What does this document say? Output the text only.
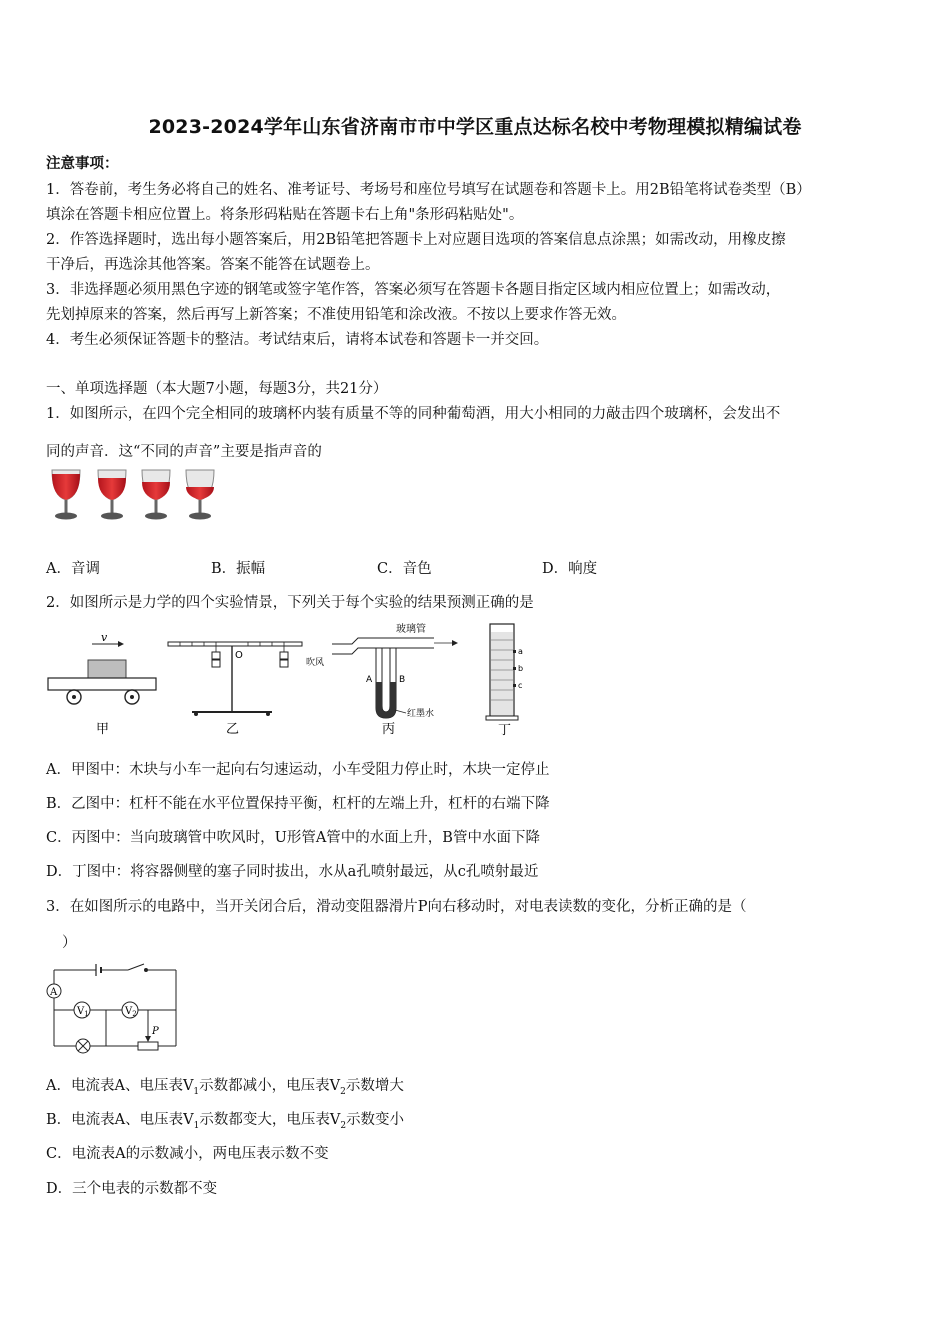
2023-2024学年山东省济南市市中学区重点达标名校中考物理模拟精编试卷
注意事项：
1．答卷前，考生务必将自己的姓名、准考证号、考场号和座位号填写在试题卷和答题卡上。用2B铅笔将试卷类型（B）
填涂在答题卡相应位置上。将条形码粘贴在答题卡右上角"条形码粘贴处"。
2．作答选择题时，选出每小题答案后，用2B铅笔把答题卡上对应题目选项的答案信息点涂黑；如需改动，用橡皮擦
干净后，再选涂其他答案。答案不能答在试题卷上。
3．非选择题必须用黑色字迹的钢笔或签字笔作答，答案必须写在答题卡各题目指定区域内相应位置上；如需改动，
先划掉原来的答案，然后再写上新答案；不准使用铅笔和涂改液。不按以上要求作答无效。
4．考生必须保证答题卡的整洁。考试结束后，请将本试卷和答题卡一并交回。
一、单项选择题（本大题7小题，每题3分，共21分）
1．如图所示，在四个完全相同的玻璃杯内装有质量不等的同种葡萄酒，用大小相同的力敲击四个玻璃杯，会发出不
同的声音．这“不同的声音”主要是指声音的
A．音调	B．振幅	C．音色	D．响度
2．如图所示是力学的四个实验情景，下列关于每个实验的结果预测正确的是
v
甲
O
乙
玻璃管
吹风
A	B
红墨水
丙
a
b
c
丁
A．甲图中：木块与小车一起向右匀速运动，小车受阻力停止时，木块一定停止
B．乙图中：杠杆不能在水平位置保持平衡，杠杆的左端上升，杠杆的右端下降
C．丙图中：当向玻璃管中吹风时，U形管A管中的水面上升，B管中水面下降
D．丁图中：将容器侧壁的塞子同时拔出，水从a孔喷射最远，从c孔喷射最近
3．在如图所示的电路中，当开关闭合后，滑动变阻器滑片P向右移动时，对电表读数的变化，分析正确的是（
）
A
$V_1$	$V_2$
P
A．电流表A、电压表$V_1$示数都减小，电压表$V_2$示数增大
B．电流表A、电压表$V_1$示数都变大，电压表$V_2$示数变小
C．电流表A的示数减小，两电压表示数不变
D．三个电表的示数都不变
